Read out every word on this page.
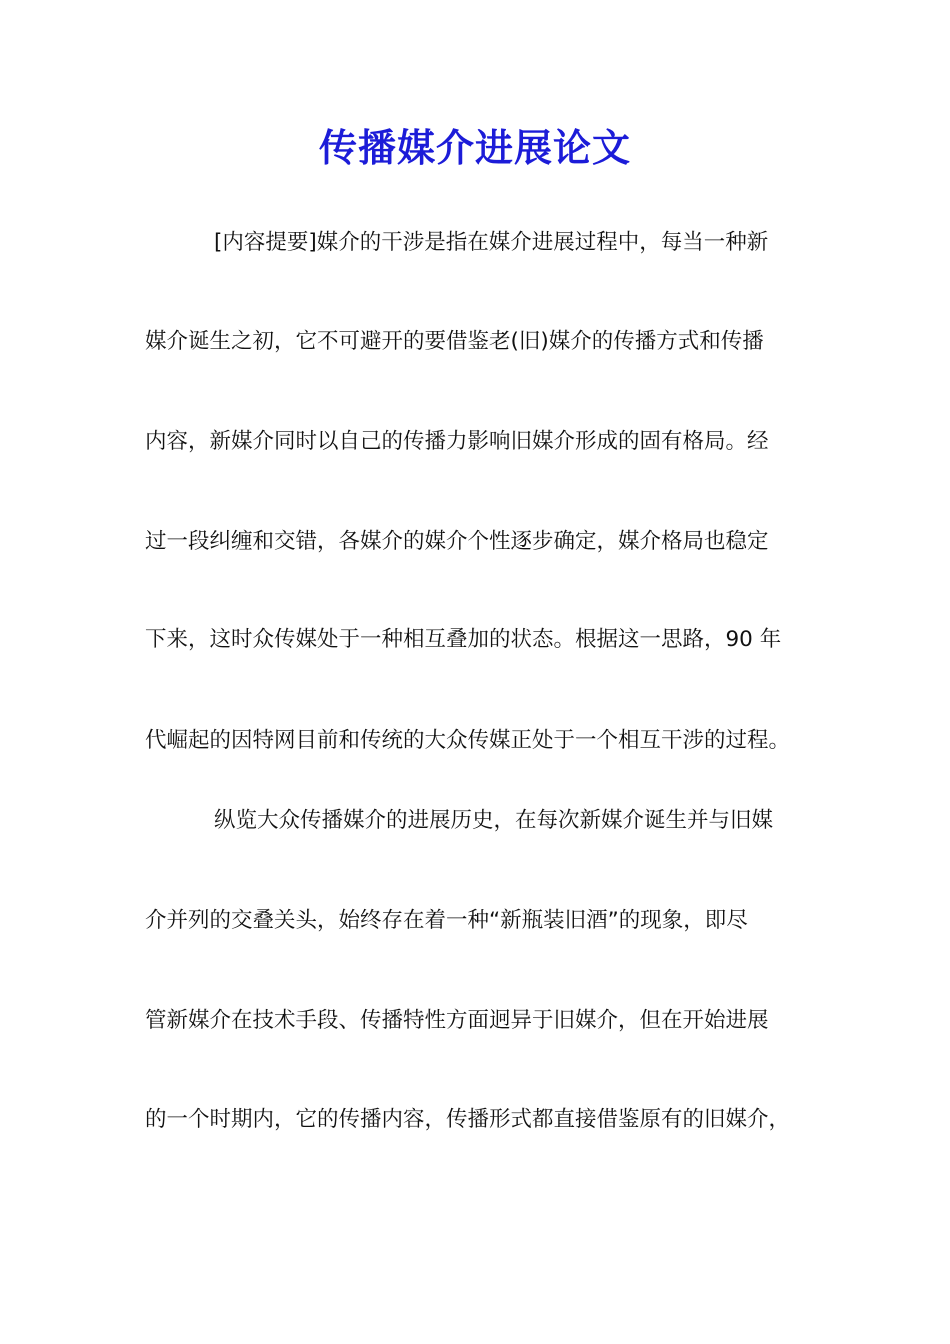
传播媒介进展论文
[内容提要]媒介的干涉是指在媒介进展过程中，每当一种新
媒介诞生之初，它不可避开的要借鉴老(旧)媒介的传播方式和传播
内容，新媒介同时以自己的传播力影响旧媒介形成的固有格局。经
过一段纠缠和交错，各媒介的媒介个性逐步确定，媒介格局也稳定
下来，这时众传媒处于一种相互叠加的状态。根据这一思路，90 年
代崛起的因特网目前和传统的大众传媒正处于一个相互干涉的过程。
纵览大众传播媒介的进展历史，在每次新媒介诞生并与旧媒
介并列的交叠关头，始终存在着一种“新瓶装旧酒”的现象，即尽
管新媒介在技术手段、传播特性方面迥异于旧媒介，但在开始进展
的一个时期内，它的传播内容，传播形式都直接借鉴原有的旧媒介，
